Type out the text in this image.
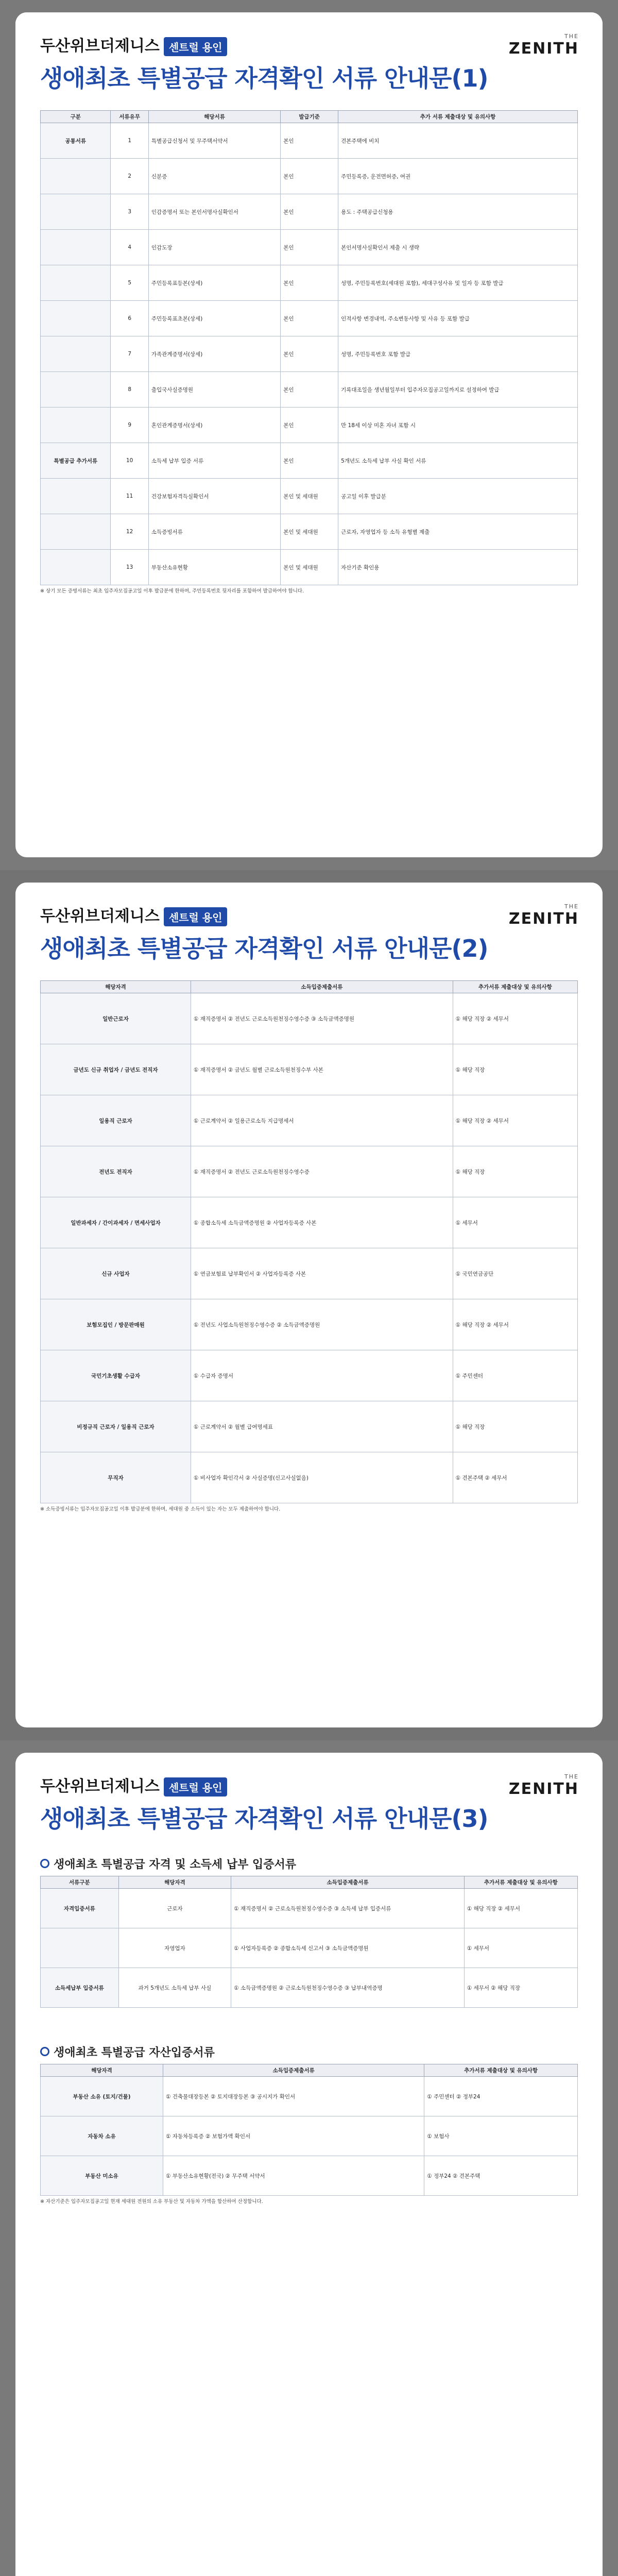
두산위브더제니스 센트럴 용인
생애최초 특별공급 자격확인 서류 안내문(1)
THE
ZENITH
구분	서류유무	해당서류	발급기준	추가 서류 제출대상 및 유의사항
공통서류	1	특별공급신청서 및 무주택서약서	본인	견본주택에 비치
	2	신분증	본인	주민등록증, 운전면허증, 여권
	3	인감증명서 또는 본인서명사실확인서	본인	용도 : 주택공급신청용
	4	인감도장	본인	본인서명사실확인서 제출 시 생략
	5	주민등록표등본(상세)	본인	성명, 주민등록번호(세대원 포함), 세대구성사유 및 일자 등 포함 발급
	6	주민등록표초본(상세)	본인	인적사항 변경내역, 주소변동사항 및 사유 등 포함 발급
	7	가족관계증명서(상세)	본인	성명, 주민등록번호 포함 발급
	8	출입국사실증명원	본인	기록대조일을 생년월일부터 입주자모집공고일까지로 설정하여 발급
	9	혼인관계증명서(상세)	본인	만 18세 이상 미혼 자녀 포함 시
특별공급 추가서류	10	소득세 납부 입증 서류	본인	5개년도 소득세 납부 사실 확인 서류
	11	건강보험자격득실확인서	본인 및 세대원	공고일 이후 발급분
	12	소득증빙서류	본인 및 세대원	근로자, 자영업자 등 소득 유형별 제출
	13	부동산소유현황	본인 및 세대원	자산기준 확인용
※ 상기 모든 증명서류는 최초 입주자모집공고일 이후 발급분에 한하며, 주민등록번호 뒷자리를 포함하여 발급하여야 합니다.
두산위브더제니스 센트럴 용인
생애최초 특별공급 자격확인 서류 안내문(2)
THE
ZENITH
해당자격	소득입증제출서류	추가서류 제출대상 및 유의사항
일반근로자	① 재직증명서 ② 전년도 근로소득원천징수영수증 ③ 소득금액증명원	① 해당 직장 ② 세무서
금년도 신규 취업자 / 금년도 전직자	① 재직증명서 ② 금년도 월별 근로소득원천징수부 사본	① 해당 직장
일용직 근로자	① 근로계약서 ② 일용근로소득 지급명세서	① 해당 직장 ② 세무서
전년도 전직자	① 재직증명서 ② 전년도 근로소득원천징수영수증	① 해당 직장
일반과세자 / 간이과세자 / 면세사업자	① 종합소득세 소득금액증명원 ② 사업자등록증 사본	① 세무서
신규 사업자	① 연금보험료 납부확인서 ② 사업자등록증 사본	① 국민연금공단
보험모집인 / 방문판매원	① 전년도 사업소득원천징수영수증 ② 소득금액증명원	① 해당 직장 ② 세무서
국민기초생활 수급자	① 수급자 증명서	① 주민센터
비정규직 근로자 / 일용직 근로자	① 근로계약서 ② 월별 급여명세표	① 해당 직장
무직자	① 비사업자 확인각서 ② 사실증명(신고사실없음)	① 견본주택 ② 세무서
※ 소득증빙서류는 입주자모집공고일 이후 발급분에 한하며, 세대원 중 소득이 있는 자는 모두 제출하여야 합니다.
두산위브더제니스 센트럴 용인
생애최초 특별공급 자격확인 서류 안내문(3)
THE
ZENITH
생애최초 특별공급 자격 및 소득세 납부 입증서류
서류구분	해당자격	소득입증제출서류	추가서류 제출대상 및 유의사항
자격입증서류	근로자	① 재직증명서 ② 근로소득원천징수영수증 ③ 소득세 납부 입증서류	① 해당 직장 ② 세무서
	자영업자	① 사업자등록증 ② 종합소득세 신고서 ③ 소득금액증명원	① 세무서
소득세납부 입증서류	과거 5개년도 소득세 납부 사실	① 소득금액증명원 ② 근로소득원천징수영수증 ③ 납부내역증명	① 세무서 ② 해당 직장
생애최초 특별공급 자산입증서류
해당자격	소득입증제출서류	추가서류 제출대상 및 유의사항
부동산 소유 (토지/건물)	① 건축물대장등본 ② 토지대장등본 ③ 공시지가 확인서	① 주민센터 ② 정부24
자동차 소유	① 자동차등록증 ② 보험가액 확인서	① 보험사
부동산 미소유	① 부동산소유현황(전국) ② 무주택 서약서	① 정부24 ② 견본주택
※ 자산기준은 입주자모집공고일 현재 세대원 전원의 소유 부동산 및 자동차 가액을 합산하여 산정합니다.
